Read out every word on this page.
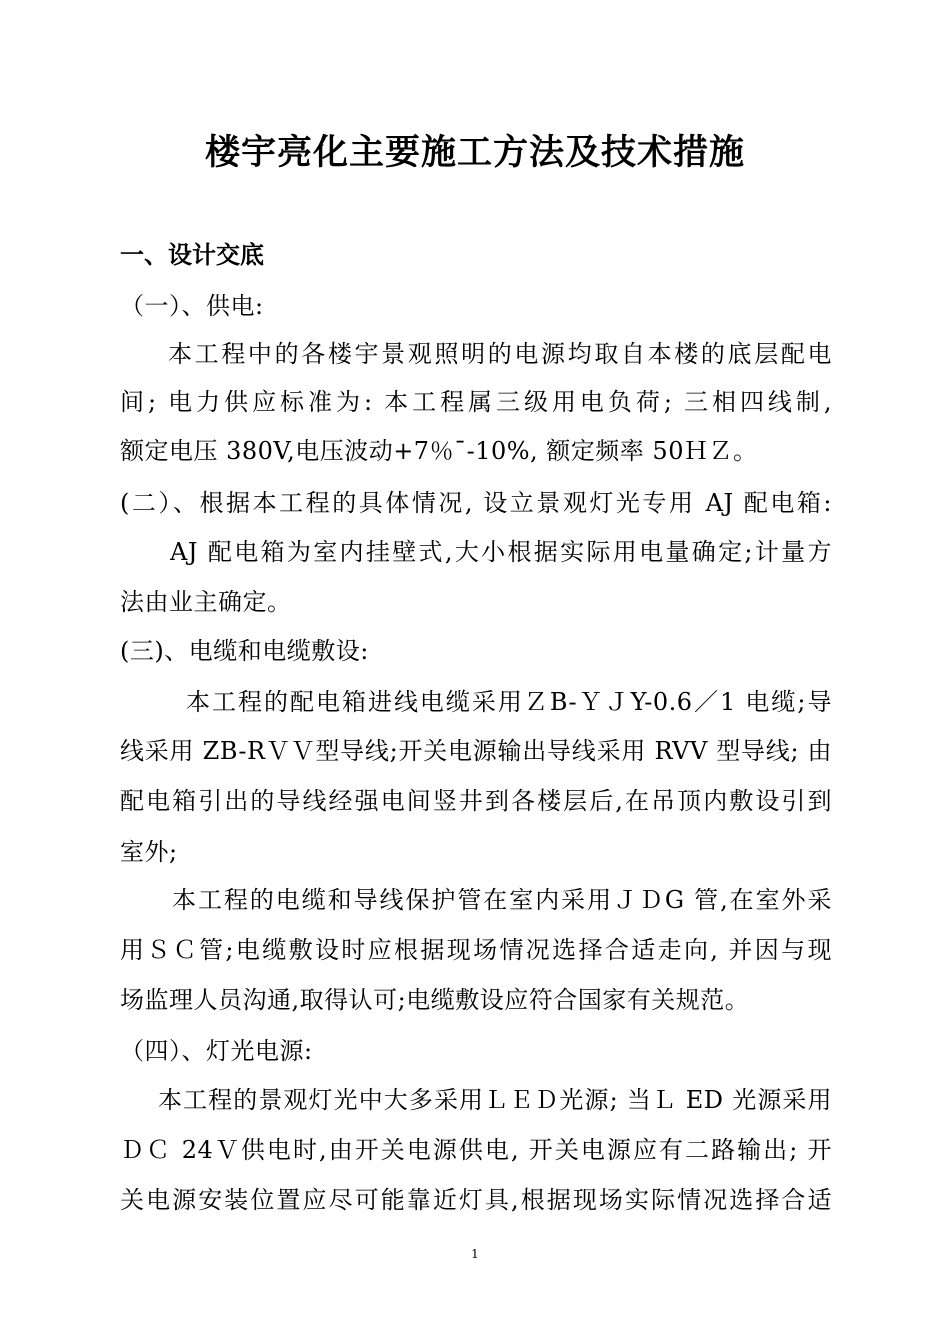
楼宇亮化主要施工方法及技术措施
一、设计交底

（一）、供电:

本工程中的各楼宇景观照明的电源均取自本楼的底层配电

间; 电力供应标准为: 本工程属三级用电负荷; 三相四线制,

额定电压 380V,电压波动+7％¯-10%, 额定频率 50ＨＺ。

(二）、根据本工程的具体情况, 设立景观灯光专用 AJ 配电箱:

AJ 配电箱为室内挂壁式,大小根据实际用电量确定;计量方

法由业主确定。

(三)、电缆和电缆敷设:

本工程的配电箱进线电缆采用ＺB-ＹＪY-0.6／1 电缆;导

线采用 ZB-RＶＶ型导线;开关电源输出导线采用 RVV 型导线; 由

配电箱引出的导线经强电间竖井到各楼层后,在吊顶内敷设引到

室外;

本工程的电缆和导线保护管在室内采用ＪＤG 管,在室外采

用ＳＣ管;电缆敷设时应根据现场情况选择合适走向, 并因与现

场监理人员沟通,取得认可;电缆敷设应符合国家有关规范。

（四）、灯光电源:

本工程的景观灯光中大多采用ＬＥＤ光源; 当Ｌ ED 光源采用

ＤＣ 24Ｖ供电时,由开关电源供电, 开关电源应有二路输出; 开

关电源安装位置应尽可能靠近灯具,根据现场实际情况选择合适

1
